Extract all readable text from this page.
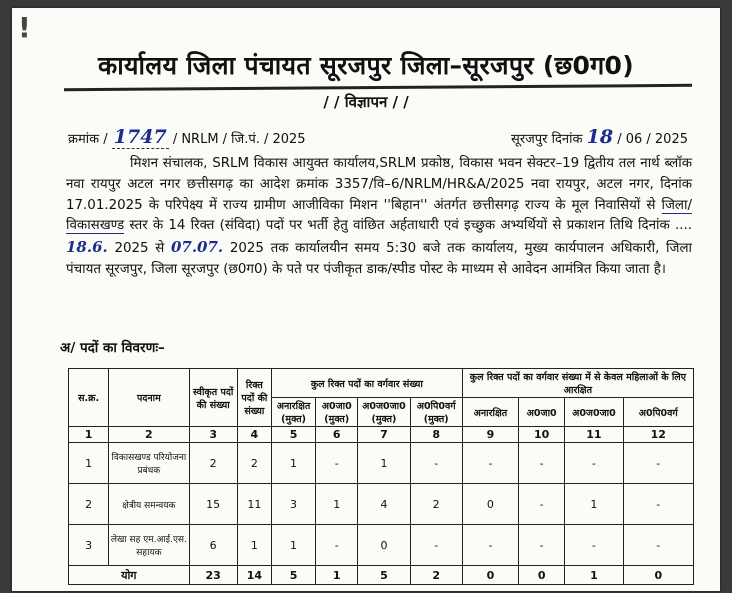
!
कार्यालय जिला पंचायत सूरजपुर जिला–सूरजपुर (छ0ग0)
/ / विज्ञापन / /
क्रमांक / 1747 / NRLM / जि.पं. / 2025	सूरजपुर दिनांक 18 / 06 / 2025
मिशन संचालक, SRLM विकास आयुक्त कार्यालय,SRLM प्रकोष्ठ, विकास भवन सेक्टर–19 द्वितीय तल नार्थ ब्लॉक नवा रायपुर अटल नगर छत्तीसगढ़ का आदेश क्रमांक 3357/वि–6/NRLM/HR&A/2025 नवा रायपुर, अटल नगर, दिनांक 17.01.2025 के परिपेक्ष्य में राज्य ग्रामीण आजीविका मिशन ''बिहान'' अंतर्गत छत्तीसगढ़ राज्य के मूल निवासियों से जिला/विकासखण्ड स्तर के 14 रिक्त (संविदा) पदों पर भर्ती हेतु वांछित अर्हताधारी एवं इच्छुक अभ्यर्थियों से प्रकाशन तिथि दिनांक .... 18.6. 2025 से 07.07. 2025 तक कार्यालयीन समय 5:30 बजे तक कार्यालय, मुख्य कार्यपालन अधिकारी, जिला पंचायत सूरजपुर, जिला सूरजपुर (छ0ग0) के पते पर पंजीकृत डाक/स्पीड पोस्ट के माध्यम से आवेदन आमंत्रित किया जाता है।
अ/ पदों का विवरणः–
स.क्र.	पदनाम	स्वीकृत पदों की संख्या	रिक्त पदों की संख्या	कुल रिक्त पदों का वर्गवार संख्या				कुल रिक्त पदों का वर्गवार संख्या में से केवल महिलाओं के लिए आरक्षित			
				अनारक्षित (मुक्त)	अ0जा0 (मुक्त)	अ0ज0जा0 (मुक्त)	अ0पि0वर्ग (मुक्त)	अनारक्षित	अ0जा0	अ0ज0जा0	अ0पि0वर्ग
1	2	3	4	5	6	7	8	9	10	11	12
1	विकासखण्ड परियोजना प्रबंधक	2	2	1	-	1	-	-	-	-	-
2	क्षेत्रीय समन्वयक	15	11	3	1	4	2	0	-	1	-
3	लेखा सह एम.आई.एस. सहायक	6	1	1	-	0	-	-	-	-	-
योग		23	14	5	1	5	2	0	0	1	0
